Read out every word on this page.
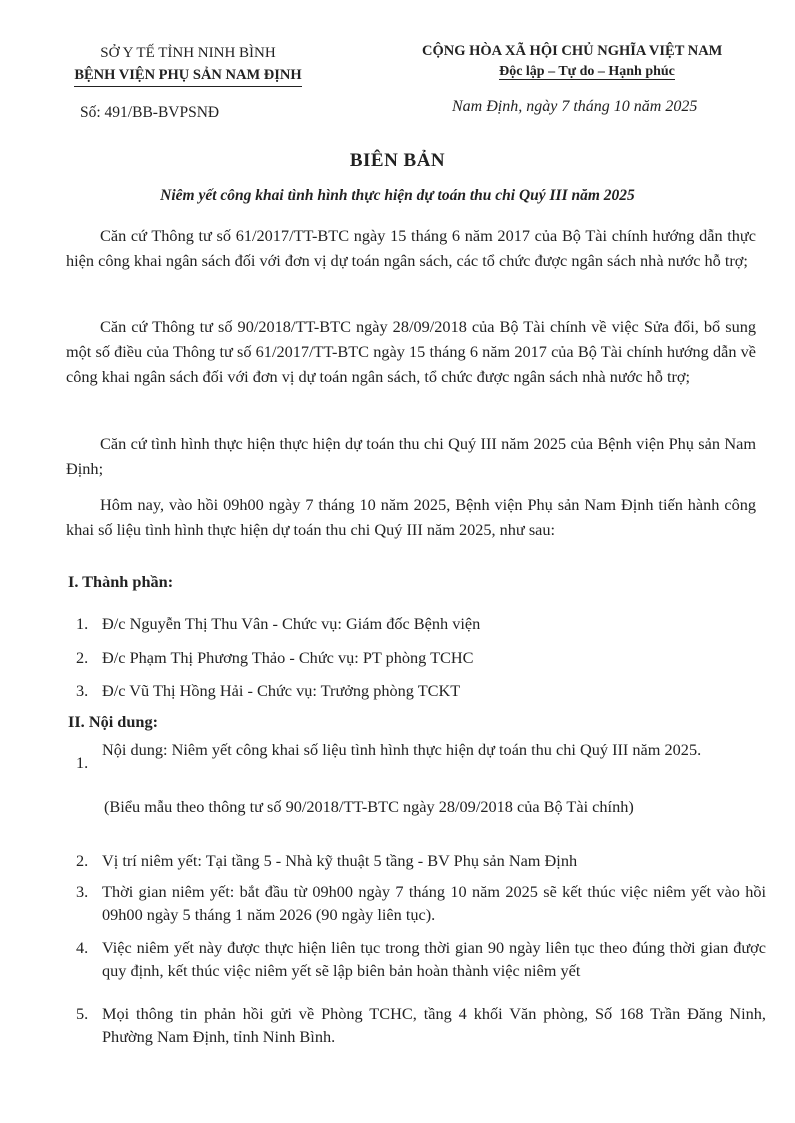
SỞ Y TẾ TỈNH NINH BÌNH
BỆNH VIỆN PHỤ SẢN NAM ĐỊNH
CỘNG HÒA XÃ HỘI CHỦ NGHĨA VIỆT NAM
Độc lập – Tự do – Hạnh phúc
Số: 491/BB-BVPSNĐ	Nam Định, ngày 7 tháng 10 năm 2025
BIÊN BẢN
Niêm yết công khai tình hình thực hiện dự toán thu chi Quý III năm 2025

Căn cứ Thông tư số 61/2017/TT-BTC ngày 15 tháng 6 năm 2017 của Bộ Tài chính hướng dẫn thực hiện công khai ngân sách đối với đơn vị dự toán ngân sách, các tổ chức được ngân sách nhà nước hỗ trợ;

Căn cứ Thông tư số 90/2018/TT-BTC ngày 28/09/2018 của Bộ Tài chính về việc Sửa đổi, bổ sung một số điều của Thông tư số 61/2017/TT-BTC ngày 15 tháng 6 năm 2017 của Bộ Tài chính hướng dẫn về công khai ngân sách đối với đơn vị dự toán ngân sách, tổ chức được ngân sách nhà nước hỗ trợ;

Căn cứ tình hình thực hiện thực hiện dự toán thu chi Quý III năm 2025 của Bệnh viện Phụ sản Nam Định;

Hôm nay, vào hồi 09h00 ngày 7 tháng 10 năm 2025, Bệnh viện Phụ sản Nam Định tiến hành công khai số liệu tình hình thực hiện dự toán thu chi Quý III năm 2025, như sau:

I. Thành phần:
1. Đ/c Nguyễn Thị Thu Vân - Chức vụ: Giám đốc Bệnh viện
2. Đ/c Phạm Thị Phương Thảo - Chức vụ: PT phòng TCHC
3. Đ/c Vũ Thị Hồng Hải - Chức vụ: Trưởng phòng TCKT
II. Nội dung:
1.
Nội dung: Niêm yết công khai số liệu tình hình thực hiện dự toán thu chi Quý III năm 2025.
(Biểu mẫu theo thông tư số 90/2018/TT-BTC ngày 28/09/2018 của Bộ Tài chính)
2. Vị trí niêm yết: Tại tầng 5 - Nhà kỹ thuật 5 tầng - BV Phụ sản Nam Định
3. Thời gian niêm yết: bắt đầu từ 09h00 ngày 7 tháng 10 năm 2025 sẽ kết thúc việc niêm yết vào hồi 09h00 ngày 5 tháng 1 năm 2026 (90 ngày liên tục).
4. Việc niêm yết này được thực hiện liên tục trong thời gian 90 ngày liên tục theo đúng thời gian được quy định, kết thúc việc niêm yết sẽ lập biên bản hoàn thành việc niêm yết
5. Mọi thông tin phản hồi gửi về Phòng TCHC, tầng 4 khối Văn phòng, Số 168 Trần Đăng Ninh, Phường Nam Định, tỉnh Ninh Bình.
